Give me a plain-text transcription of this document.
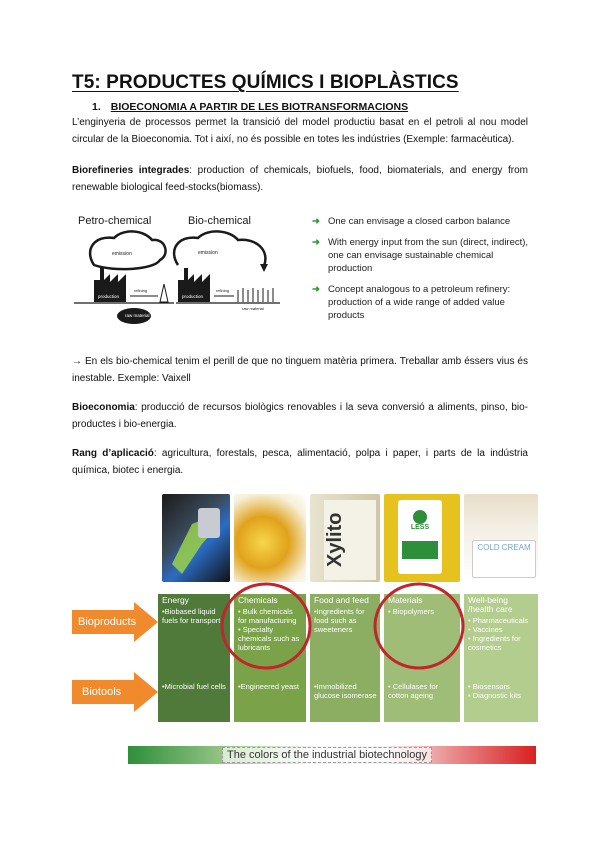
T5: PRODUCTES QUÍMICS I BIOPLÀSTICS
1. BIOECONOMIA A PARTIR DE LES BIOTRANSFORMACIONS
L’enginyeria de processos permet la transició del model productiu basat en el petroli al nou model circular de la Bioeconomia. Tot i així, no és possible en totes les indústries (Exemple: farmacèutica).
Biorefineries integrades: production of chemicals, biofuels, food, biomaterials, and energy from renewable biological feed-stocks(biomass).
Petro-chemical	Bio-chemical
emission
production
refining
raw material
emission
production
refining
raw material
➜ One can envisage a closed carbon balance
➜ With energy input from the sun (direct, indirect), one can envisage sustainable chemical production
➜ Concept analogous to a petroleum refinery: production of a wide range of added value products
→ En els bio-chemical tenim el perill de que no tinguem matèria primera. Treballar amb éssers vius és inestable. Exemple: Vaixell
Bioeconomia: producció de recursos biològics renovables i la seva conversió a aliments, pinso, bio-productes i bio-energia.
Rang d’aplicació: agricultura, forestals, pesca, alimentació, polpa i paper, i parts de la indústria química, biotec i energia.
Xylito	LESS
COLD CREAM
Energy
•Biobased liquid fuels for transport
•Microbial fuel cells
Chemicals
• Bulk chemicals for manufacturing
• Specialty chemicals such as lubricants
•Engineered yeast
Food and feed
•Ingredients for food such as sweeteners
•Immobilized glucose isomerase
Materials
• Biopolymers
• Cellulases for cotton ageing
Well-being /health care
• Pharmaceuticals
• Vaccines
• Ingredients for cosmetics
• Biosensors
• Diagnostic kits
Bioproducts
Biotools
The colors of the industrial biotechnology
